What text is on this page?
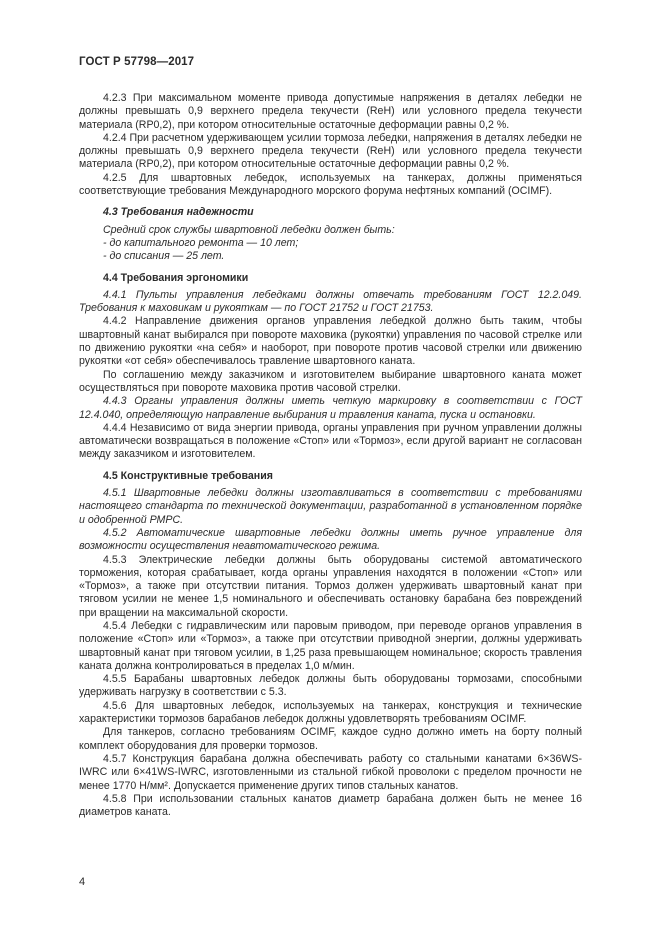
ГОСТ Р 57798—2017

4.2.3 При максимальном моменте привода допустимые напряжения в деталях лебедки не должны превышать 0,9 верхнего предела текучести (ReH) или условного предела текучести материала (RP0,2), при котором относительные остаточные деформации равны 0,2 %.

4.2.4 При расчетном удерживающем усилии тормоза лебедки, напряжения в деталях лебедки не должны превышать 0,9 верхнего предела текучести (ReH) или условного предела текучести материала (RP0,2), при котором относительные остаточные деформации равны 0,2 %.

4.2.5 Для швартовных лебедок, используемых на танкерах, должны применяться соответствующие требования Международного морского форума нефтяных компаний (OCIMF).

4.3 Требования надежности

Средний срок службы швартовной лебедки должен быть:

- до капитального ремонта — 10 лет;

- до списания — 25 лет.

4.4 Требования эргономики

4.4.1 Пульты управления лебедками должны отвечать требованиям ГОСТ 12.2.049. Требования к маховикам и рукояткам — по ГОСТ 21752 и ГОСТ 21753.

4.4.2 Направление движения органов управления лебедкой должно быть таким, чтобы швартовный канат выбирался при повороте маховика (рукоятки) управления по часовой стрелке или по движению рукоятки «на себя» и наоборот, при повороте против часовой стрелки или движению рукоятки «от себя» обеспечивалось травление швартовного каната.

По соглашению между заказчиком и изготовителем выбирание швартовного каната может осуществляться при повороте маховика против часовой стрелки.

4.4.3 Органы управления должны иметь четкую маркировку в соответствии с ГОСТ 12.4.040, определяющую направление выбирания и травления каната, пуска и остановки.

4.4.4 Независимо от вида энергии привода, органы управления при ручном управлении должны автоматически возвращаться в положение «Стоп» или «Тормоз», если другой вариант не согласован между заказчиком и изготовителем.

4.5 Конструктивные требования

4.5.1 Швартовные лебедки должны изготавливаться в соответствии с требованиями настоящего стандарта по технической документации, разработанной в установленном порядке и одобренной РМРС.

4.5.2 Автоматические швартовные лебедки должны иметь ручное управление для возможности осуществления неавтоматического режима.

4.5.3 Электрические лебедки должны быть оборудованы системой автоматического торможения, которая срабатывает, когда органы управления находятся в положении «Стоп» или «Тормоз», а также при отсутствии питания. Тормоз должен удерживать швартовный канат при тяговом усилии не менее 1,5 номинального и обеспечивать остановку барабана без повреждений при вращении на максимальной скорости.

4.5.4 Лебедки с гидравлическим или паровым приводом, при переводе органов управления в положение «Стоп» или «Тормоз», а также при отсутствии приводной энергии, должны удерживать швартовный канат при тяговом усилии, в 1,25 раза превышающем номинальное; скорость травления каната должна контролироваться в пределах 1,0 м/мин.

4.5.5 Барабаны швартовных лебедок должны быть оборудованы тормозами, способными удерживать нагрузку в соответствии с 5.3.

4.5.6 Для швартовных лебедок, используемых на танкерах, конструкция и технические характеристики тормозов барабанов лебедок должны удовлетворять требованиям OCIMF.

Для танкеров, согласно требованиям OCIMF, каждое судно должно иметь на борту полный комплект оборудования для проверки тормозов.

4.5.7 Конструкция барабана должна обеспечивать работу со стальными канатами 6×36WS-IWRC или 6×41WS-IWRC, изготовленными из стальной гибкой проволоки с пределом прочности не менее 1770 Н/мм². Допускается применение других типов стальных канатов.

4.5.8 При использовании стальных канатов диаметр барабана должен быть не менее 16 диаметров каната.

4
